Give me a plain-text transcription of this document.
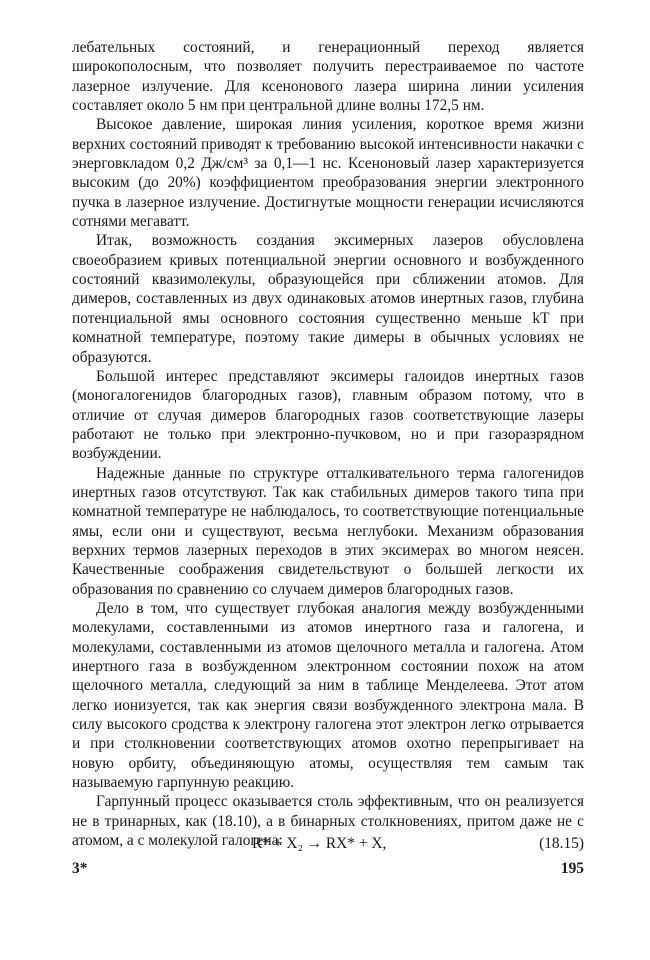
лебательных состояний, и генерационный переход является широкополосным, что позволяет получить перестраиваемое по частоте лазерное излучение. Для ксенонового лазера ширина линии усиления составляет около 5 нм при центральной длине волны 172,5 нм.

Высокое давление, широкая линия усиления, короткое время жизни верхних состояний приводят к требованию высокой интенсивности накачки с энерговкладом 0,2 Дж/см³ за 0,1—1 нс. Ксеноновый лазер характеризуется высоким (до 20%) коэффициентом преобразования энергии электронного пучка в лазерное излучение. Достигнутые мощности генерации исчисляются сотнями мегаватт.

Итак, возможность создания эксимерных лазеров обусловлена своеобразием кривых потенциальной энергии основного и возбужденного состояний квазимолекулы, образующейся при сближении атомов. Для димеров, составленных из двух одинаковых атомов инертных газов, глубина потенциальной ямы основного состояния существенно меньше kT при комнатной температуре, поэтому такие димеры в обычных условиях не образуются.

Большой интерес представляют эксимеры галоидов инертных газов (моногалогенидов благородных газов), главным образом потому, что в отличие от случая димеров благородных газов соответствующие лазеры работают не только при электронно-пучковом, но и при газоразрядном возбуждении.

Надежные данные по структуре отталкивательного терма галогенидов инертных газов отсутствуют. Так как стабильных димеров такого типа при комнатной температуре не наблюдалось, то соответствующие потенциальные ямы, если они и существуют, весьма неглубоки. Механизм образования верхних термов лазерных переходов в этих эксимерах во многом неясен. Качественные соображения свидетельствуют о большей легкости их образования по сравнению со случаем димеров благородных газов.

Дело в том, что существует глубокая аналогия между возбужденными молекулами, составленными из атомов инертного газа и галогена, и молекулами, составленными из атомов щелочного металла и галогена. Атом инертного газа в возбужденном электронном состоянии похож на атом щелочного металла, следующий за ним в таблице Менделеева. Этот атом легко ионизуется, так как энергия связи возбужденного электрона мала. В силу высокого сродства к электрону галогена этот электрон легко отрывается и при столкновении соответствующих атомов охотно перепрыгивает на новую орбиту, объединяющую атомы, осуществляя тем самым так называемую гарпунную реакцию.

Гарпунный процесс оказывается столь эффективным, что он реализуется не в тринарных, как (18.10), а в бинарных столкновениях, притом даже не с атомом, а с молекулой галогена:

R* + X₂ → RX* + X,	(18.15)
3*	195
